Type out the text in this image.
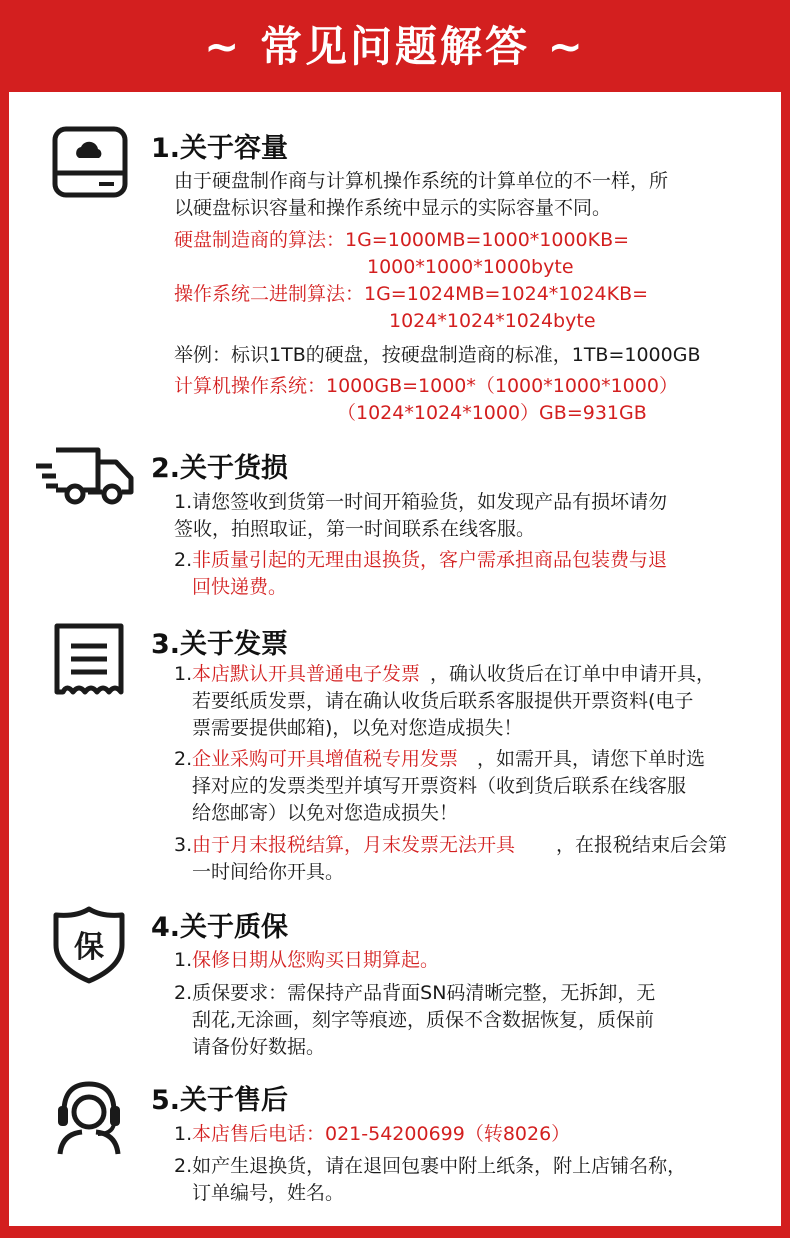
~ 常见问题解答 ~
1.关于容量
由于硬盘制作商与计算机操作系统的计算单位的不一样，所
以硬盘标识容量和操作系统中显示的实际容量不同。
硬盘制造商的算法：1G=1000MB=1000*1000KB=
1000*1000*1000byte
操作系统二进制算法：1G=1024MB=1024*1024KB=
1024*1024*1024byte
举例：标识1TB的硬盘，按硬盘制造商的标准，1TB=1000GB
计算机操作系统：1000GB=1000*（1000*1000*1000）
（1024*1024*1000）GB=931GB
2.关于货损
1.请您签收到货第一时间开箱验货，如发现产品有损坏请勿
签收，拍照取证，第一时间联系在线客服。
2. 非质量引起的无理由退换货，客户需承担商品包装费与退
回快递费。
3.关于发票
1. 本店默认开具普通电子发票 ，确认收货后在订单中申请开具，
若要纸质发票，请在确认收货后联系客服提供开票资料(电子
票需要提供邮箱)，以免对您造成损失！
2. 企业采购可开具增值税专用发票 ，如需开具，请您下单时选
择对应的发票类型并填写开票资料（收到货后联系在线客服
给您邮寄）以免对您造成损失！
3. 由于月末报税结算，月末发票无法开具 ，在报税结束后会第
一时间给你开具。
保
4.关于质保
1. 保修日期从您购买日期算起。
2.质保要求：需保持产品背面SN码清晰完整，无拆卸，无
刮花,无涂画，刻字等痕迹，质保不含数据恢复，质保前
请备份好数据。
5.关于售后
1. 本店售后电话：021-54200699（转8026）
2.如产生退换货，请在退回包裹中附上纸条，附上店铺名称，
订单编号，姓名。
